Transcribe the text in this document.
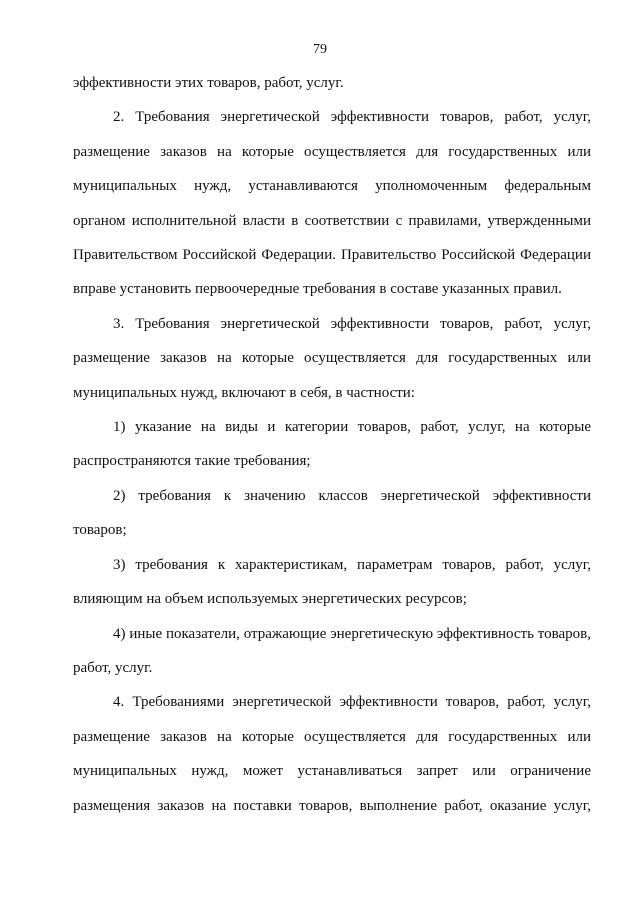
79

эффективности этих товаров, работ, услуг.

2. Требования энергетической эффективности товаров, работ, услуг, размещение заказов на которые осуществляется для государственных или муниципальных нужд, устанавливаются уполномоченным федеральным органом исполнительной власти в соответствии с правилами, утвержденными Правительством Российской Федерации. Правительство Российской Федерации вправе установить первоочередные требования в составе указанных правил.

3. Требования энергетической эффективности товаров, работ, услуг, размещение заказов на которые осуществляется для государственных или муниципальных нужд, включают в себя, в частности:

1) указание на виды и категории товаров, работ, услуг, на которые распространяются такие требования;

2) требования к значению классов энергетической эффективности товаров;

3) требования к характеристикам, параметрам товаров, работ, услуг, влияющим на объем используемых энергетических ресурсов;

4) иные показатели, отражающие энергетическую эффективность товаров, работ, услуг.

4. Требованиями энергетической эффективности товаров, работ, услуг, размещение заказов на которые осуществляется для государственных или муниципальных нужд, может устанавливаться запрет или ограничение размещения заказов на поставки товаров, выполнение работ, оказание услуг,
